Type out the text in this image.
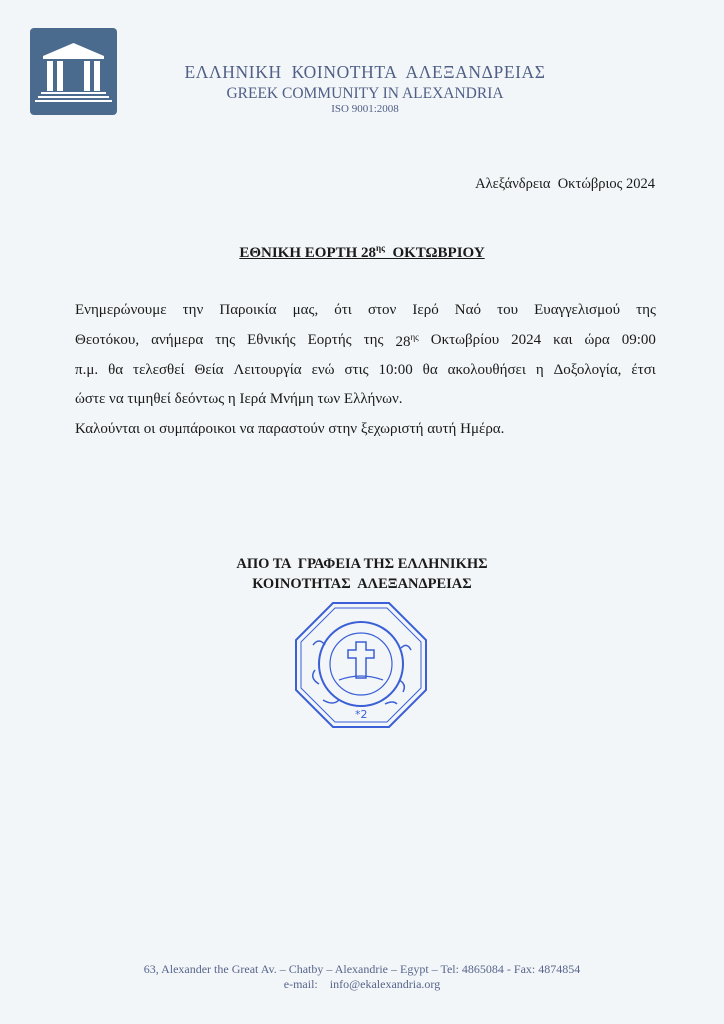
ΕΛΛΗΝΙΚΗ  ΚΟΙΝΟΤΗΤΑ  ΑΛΕΞΑΝΔΡΕΙΑΣ
GREEK COMMUNITY IN ALEXANDRIA
ISO 9001:2008
Αλεξάνδρεια  Οκτώβριος 2024
ΕΘΝΙΚΗ ΕΟΡΤΗ $28^{\eta\varsigma}$  ΟΚΤΩΒΡΙΟΥ
Ενημερώνουμε την Παροικία μας, ότι στον Ιερό Ναό του Ευαγγελισμού της
Θεοτόκου, ανήμερα της Εθνικής Εορτής της $28^{\eta\varsigma}$ Οκτωβρίου 2024 και ώρα 09:00
π.μ. θα τελεσθεί Θεία Λειτουργία ενώ στις 10:00 θα ακολουθήσει η Δοξολογία, έτσι
ώστε να τιμηθεί δεόντως η Ιερά Μνήμη των Ελλήνων.
Καλούνται οι συμπάροικοι να παραστούν στην ξεχωριστή αυτή Ημέρα.
ΑΠΟ ΤΑ  ΓΡΑΦΕΙΑ ΤΗΣ ΕΛΛΗΝΙΚΗΣ
ΚΟΙΝΟΤΗΤΑΣ  ΑΛΕΞΑΝΔΡΕΙΑΣ
*2
63, Alexander the Great Av. – Chatby – Alexandrie – Egypt – Tel: 4865084 - Fax: 4874854
e-mail: info@ekalexandria.org
